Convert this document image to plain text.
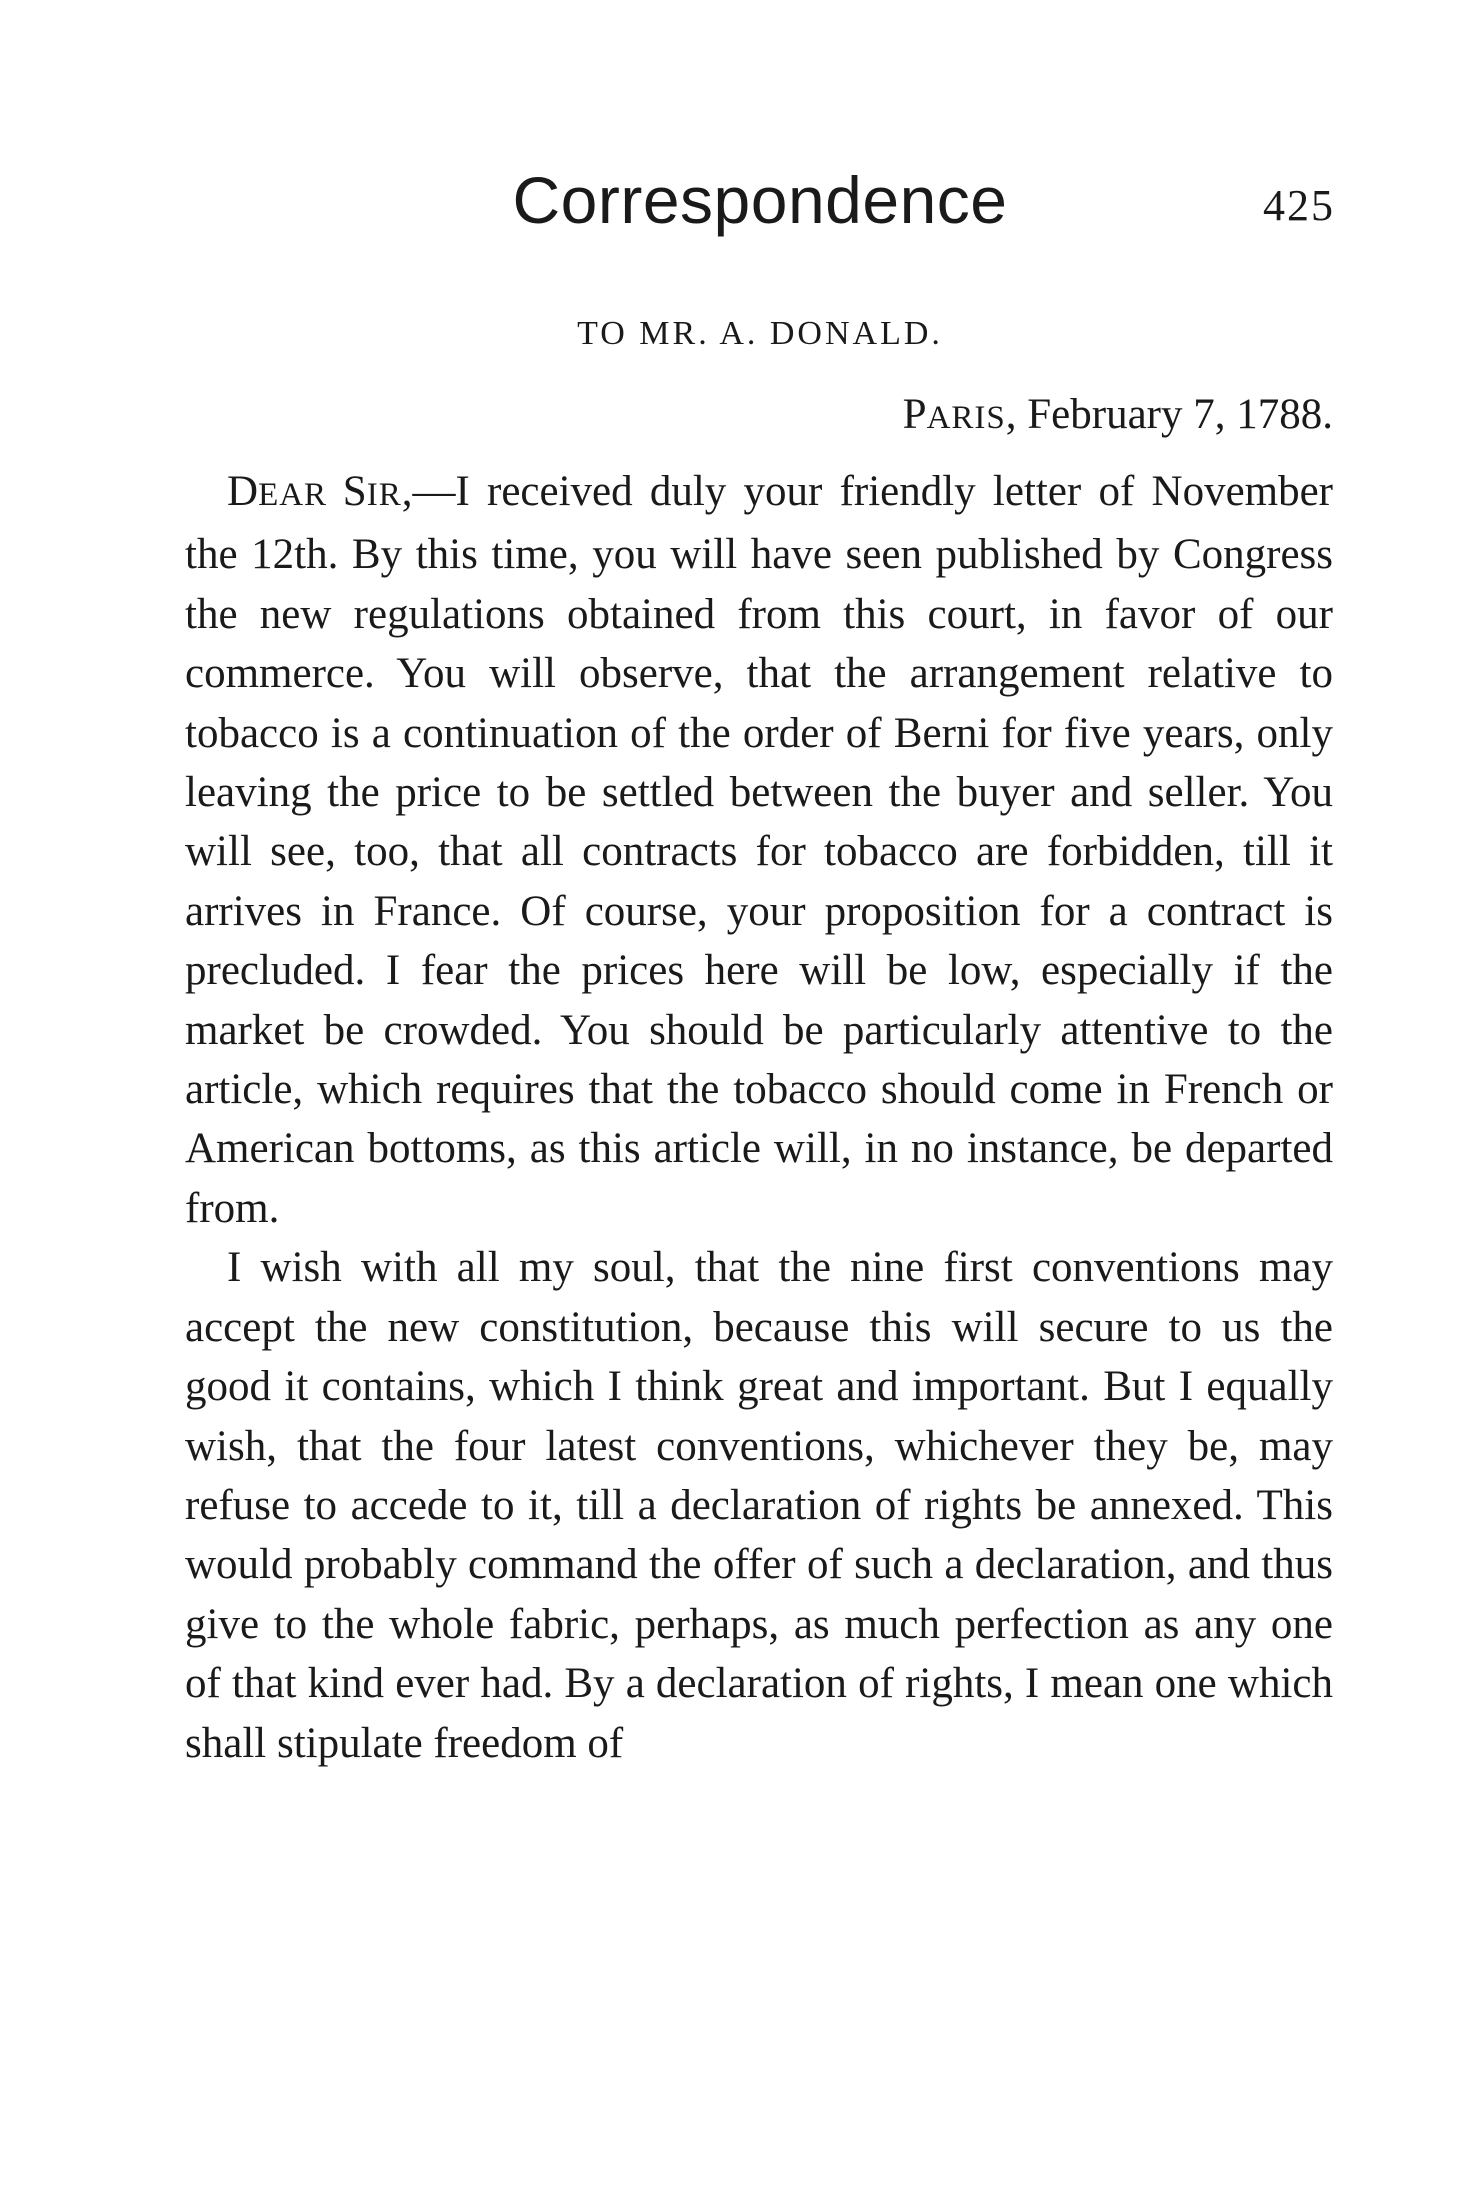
Correspondence	425
TO MR. A. DONALD.
PARIS, February 7, 1788.

DEAR SIR,—I received duly your friendly letter of November the 12th. By this time, you will have seen published by Congress the new regulations obtained from this court, in favor of our commerce. You will observe, that the arrangement relative to tobacco is a continuation of the order of Berni for five years, only leaving the price to be settled between the buyer and seller. You will see, too, that all contracts for tobacco are forbidden, till it arrives in France. Of course, your proposition for a contract is precluded. I fear the prices here will be low, especially if the market be crowded. You should be particularly attentive to the article, which requires that the tobacco should come in French or American bottoms, as this article will, in no instance, be departed from.

I wish with all my soul, that the nine first conventions may accept the new constitution, because this will secure to us the good it contains, which I think great and important. But I equally wish, that the four latest conventions, whichever they be, may refuse to accede to it, till a declaration of rights be annexed. This would probably command the offer of such a declaration, and thus give to the whole fabric, perhaps, as much perfection as any one of that kind ever had. By a declaration of rights, I mean one which shall stipulate freedom of
